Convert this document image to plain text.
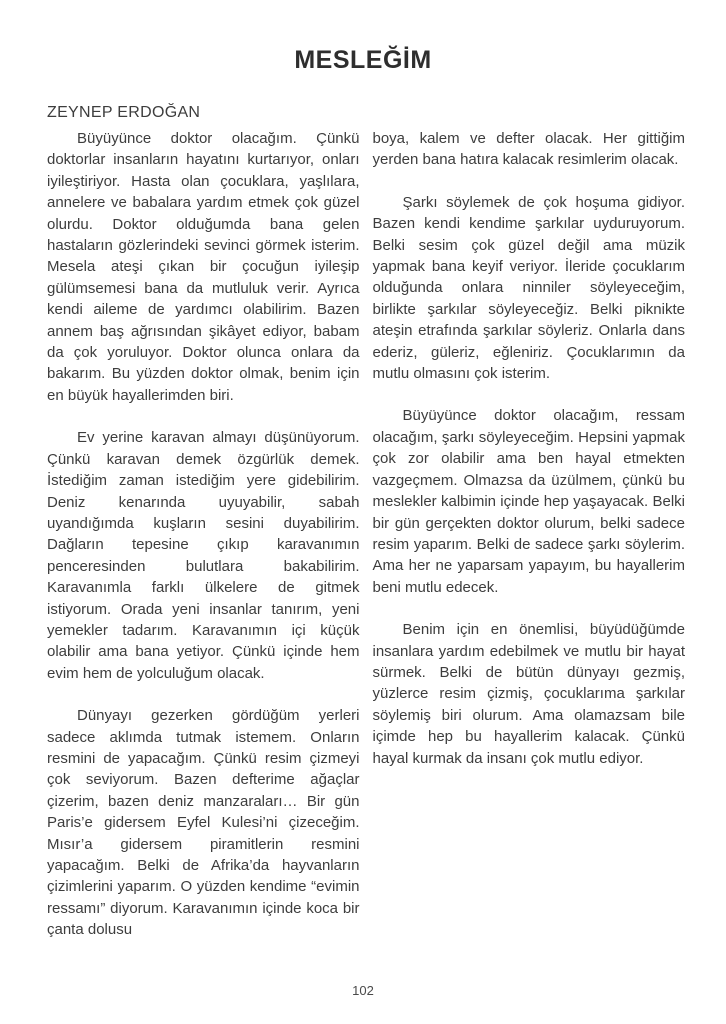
MESLEĞİM
ZEYNEP ERDOĞAN

Büyüyünce doktor olacağım. Çünkü doktorlar insanların hayatını kurtarıyor, onları iyileştiriyor. Hasta olan çocuklara, yaşlılara, annelere ve babalara yardım etmek çok güzel olurdu. Doktor olduğumda bana gelen hastaların gözlerindeki sevinci görmek isterim. Mesela ateşi çıkan bir çocuğun iyileşip gülümsemesi bana da mutluluk verir. Ayrıca kendi aileme de yardımcı olabilirim. Bazen annem baş ağrısından şikâyet ediyor, babam da çok yoruluyor. Doktor olunca onlara da bakarım. Bu yüzden doktor olmak, benim için en büyük hayallerimden biri.

Ev yerine karavan almayı düşünüyorum. Çünkü karavan demek özgürlük demek. İstediğim zaman istediğim yere gidebilirim. Deniz kenarında uyuyabilir, sabah uyandığımda kuşların sesini duyabilirim. Dağların tepesine çıkıp karavanımın penceresinden bulutlara bakabilirim. Karavanımla farklı ülkelere de gitmek istiyorum. Orada yeni insanlar tanırım, yeni yemekler tadarım. Karavanımın içi küçük olabilir ama bana yetiyor. Çünkü içinde hem evim hem de yolculuğum olacak.

Dünyayı gezerken gördüğüm yerleri sadece aklımda tutmak istemem. Onların resmini de yapacağım. Çünkü resim çizmeyi çok seviyorum. Bazen defterime ağaçlar çizerim, bazen deniz manzaraları… Bir gün Paris’e gidersem Eyfel Kulesi’ni çizeceğim. Mısır’a gidersem piramitlerin resmini yapacağım. Belki de Afrika’da hayvanların çizimlerini yaparım. O yüzden kendime “evimin ressamı” diyorum. Karavanımın içinde koca bir çanta dolusu

boya, kalem ve defter olacak. Her gittiğim yerden bana hatıra kalacak resimlerim olacak.

Şarkı söylemek de çok hoşuma gidiyor. Bazen kendi kendime şarkılar uyduruyorum. Belki sesim çok güzel değil ama müzik yapmak bana keyif veriyor. İleride çocuklarım olduğunda onlara ninniler söyleyeceğim, birlikte şarkılar söyleyeceğiz. Belki piknikte ateşin etrafında şarkılar söyleriz. Onlarla dans ederiz, güleriz, eğleniriz. Çocuklarımın da mutlu olmasını çok isterim.

Büyüyünce doktor olacağım, ressam olacağım, şarkı söyleyeceğim. Hepsini yapmak çok zor olabilir ama ben hayal etmekten vazgeçmem. Olmazsa da üzülmem, çünkü bu meslekler kalbimin içinde hep yaşayacak. Belki bir gün gerçekten doktor olurum, belki sadece resim yaparım. Belki de sadece şarkı söylerim. Ama her ne yaparsam yapayım, bu hayallerim beni mutlu edecek.

Benim için en önemlisi, büyüdüğümde insanlara yardım edebilmek ve mutlu bir hayat sürmek. Belki de bütün dünyayı gezmiş, yüzlerce resim çizmiş, çocuklarıma şarkılar söylemiş biri olurum. Ama olamazsam bile içimde hep bu hayallerim kalacak. Çünkü hayal kurmak da insanı çok mutlu ediyor.

102
